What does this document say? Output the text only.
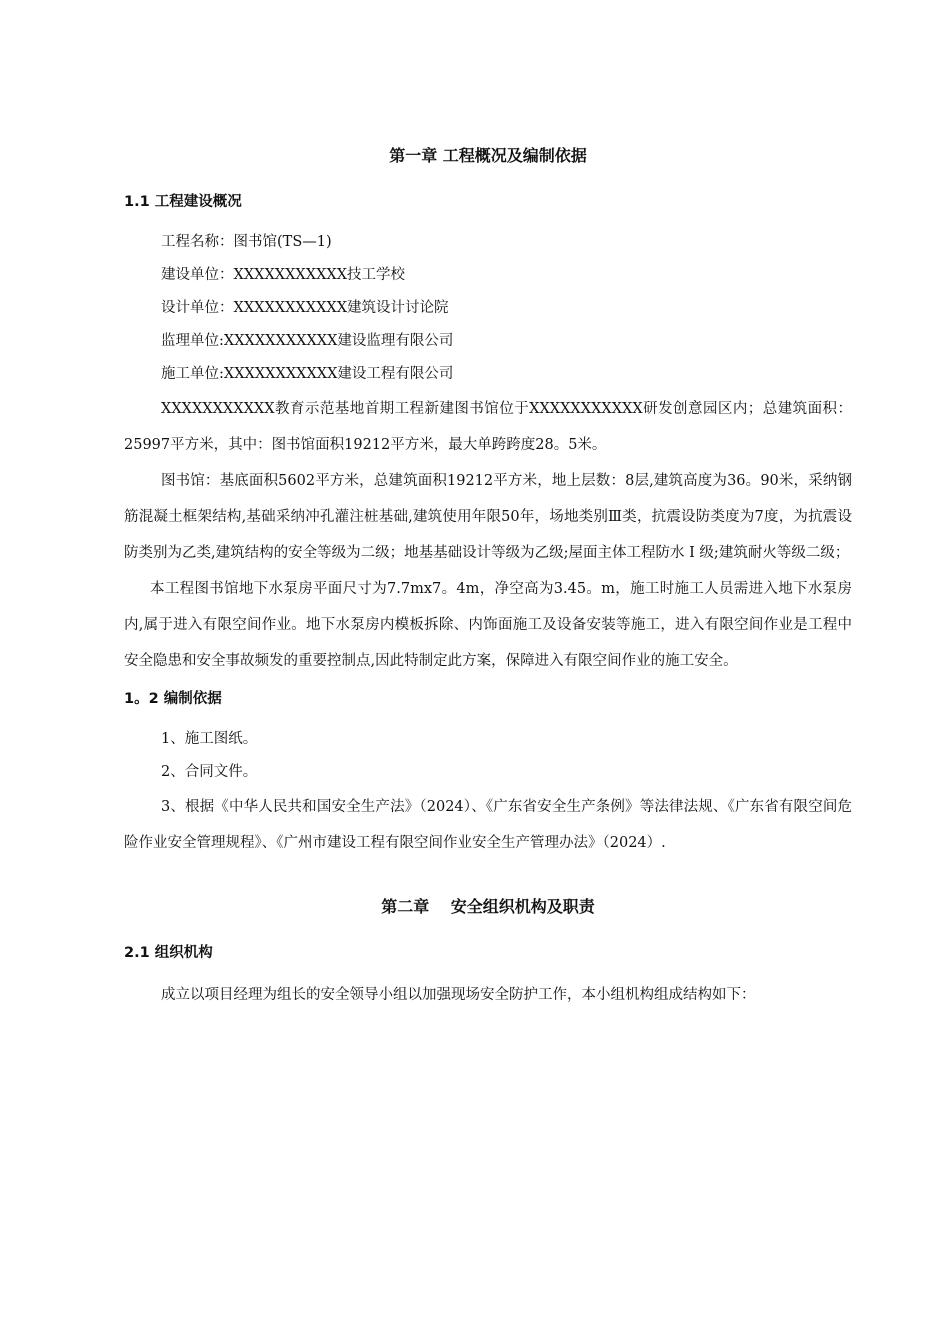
第一章 工程概况及编制依据
1.1 工程建设概况
工程名称：图书馆(TS—1)
建设单位：XXXXXXXXXXX技工学校
设计单位：XXXXXXXXXXX建筑设计讨论院
监理单位:XXXXXXXXXXX建设监理有限公司
施工单位:XXXXXXXXXXX建设工程有限公司

XXXXXXXXXXX教育示范基地首期工程新建图书馆位于XXXXXXXXXXX研发创意园区内；总建筑面积：25997平方米，其中：图书馆面积19212平方米，最大单跨跨度28。5米。

图书馆：基底面积5602平方米，总建筑面积19212平方米，地上层数：8层,建筑高度为36。90米，采纳钢筋混凝土框架结构,基础采纳冲孔灌注桩基础,建筑使用年限50年，场地类别Ⅲ类，抗震设防类度为7度，为抗震设防类别为乙类,建筑结构的安全等级为二级；地基基础设计等级为乙级;屋面主体工程防水 Ⅰ 级;建筑耐火等级二级；

本工程图书馆地下水泵房平面尺寸为7.7mx7。4m，净空高为3.45。m，施工时施工人员需进入地下水泵房内,属于进入有限空间作业。地下水泵房内模板拆除、内饰面施工及设备安装等施工，进入有限空间作业是工程中安全隐患和安全事故频发的重要控制点,因此特制定此方案，保障进入有限空间作业的施工安全。

1。2 编制依据
1、施工图纸。
2、合同文件。

3、根据《中华人民共和国安全生产法》（2024）、《广东省安全生产条例》等法律法规、《广东省有限空间危险作业安全管理规程》、《广州市建设工程有限空间作业安全生产管理办法》（2024）.

第二章　 安全组织机构及职责
2.1 组织机构

成立以项目经理为组长的安全领导小组以加强现场安全防护工作，本小组机构组成结构如下：
